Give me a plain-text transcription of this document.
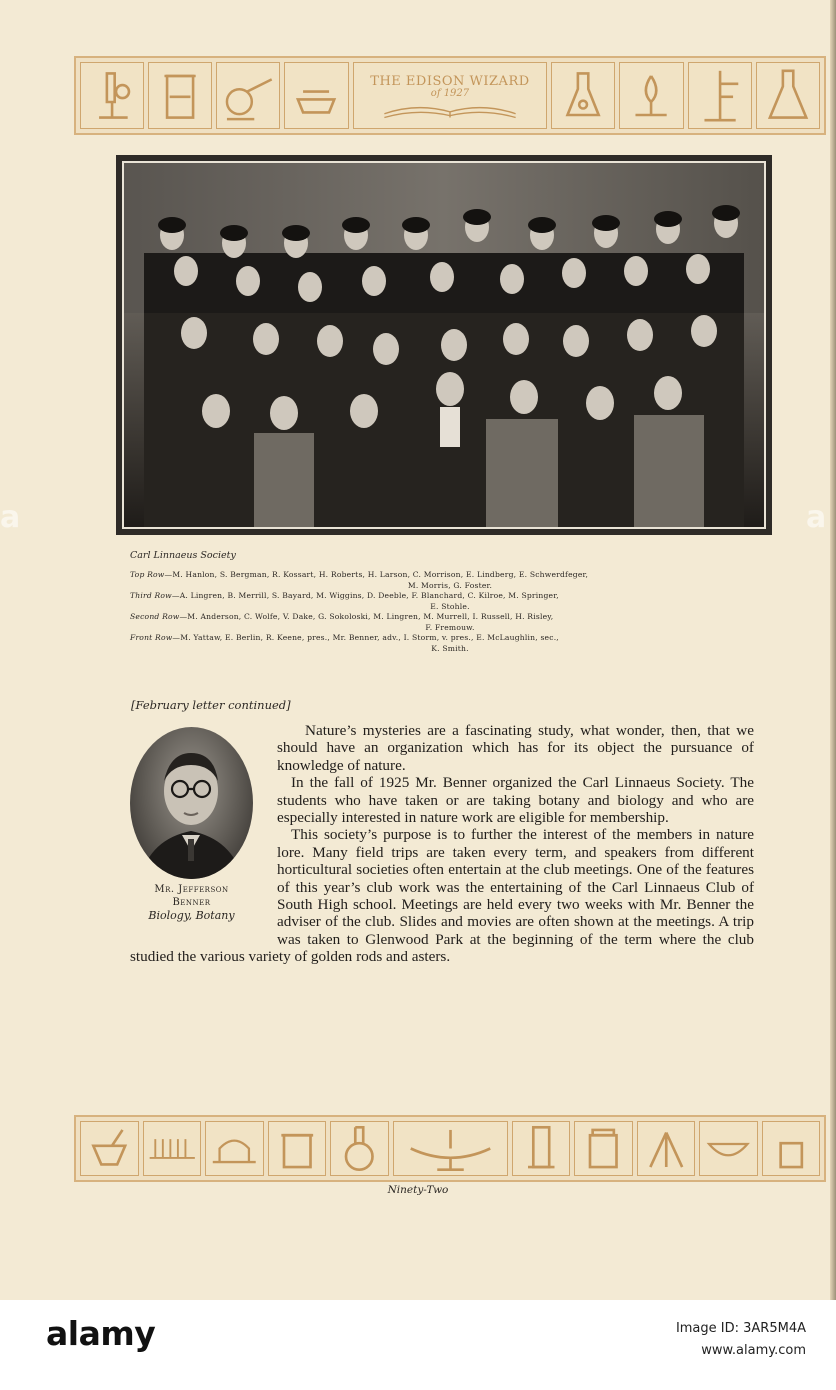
THE EDISON WIZARD
of 1927
Carl Linnaeus Society
Top Row—M. Hanlon, S. Bergman, R. Kossart, H. Roberts, H. Larson, C. Morrison, E. Lindberg, E. Schwerdfeger,
M. Morris, G. Foster.
Third Row—A. Lingren, B. Merrill, S. Bayard, M. Wiggins, D. Deeble, F. Blanchard, C. Kilroe, M. Springer,
E. Stohle.
Second Row—M. Anderson, C. Wolfe, V. Dake, G. Sokoloski, M. Lingren, M. Murrell, I. Russell, H. Risley,
F. Fremouw.
Front Row—M. Yattaw, E. Berlin, R. Keene, pres., Mr. Benner, adv., I. Storm, v. pres., E. McLaughlin, sec.,
K. Smith.
[February letter continued]
Mr. Jefferson
Benner
Biology, Botany

Nature’s mysteries are a fascinating study, what wonder, then, that we should have an organization which has for its object the pursuance of knowledge of nature.

In the fall of 1925 Mr. Benner organized the Carl Linnaeus Society. The students who have taken or are taking botany and biology and who are especially interested in nature work are eligible for membership.

This society’s purpose is to further the interest of the members in nature lore. Many field trips are taken every term, and speakers from different horticultural societies often entertain at the club meetings. One of the features of this year’s club work was the entertaining of the Carl Linnaeus Club of South High school. Meetings are held every two weeks with Mr. Benner the adviser of the club. Slides and movies are often shown at the meetings. A trip was taken to Glenwood Park at the beginning of the term where the club studied the various variety of golden rods and asters.

Ninety-Two
a	a
alamy	Image ID: 3AR5M4A
www.alamy.com
